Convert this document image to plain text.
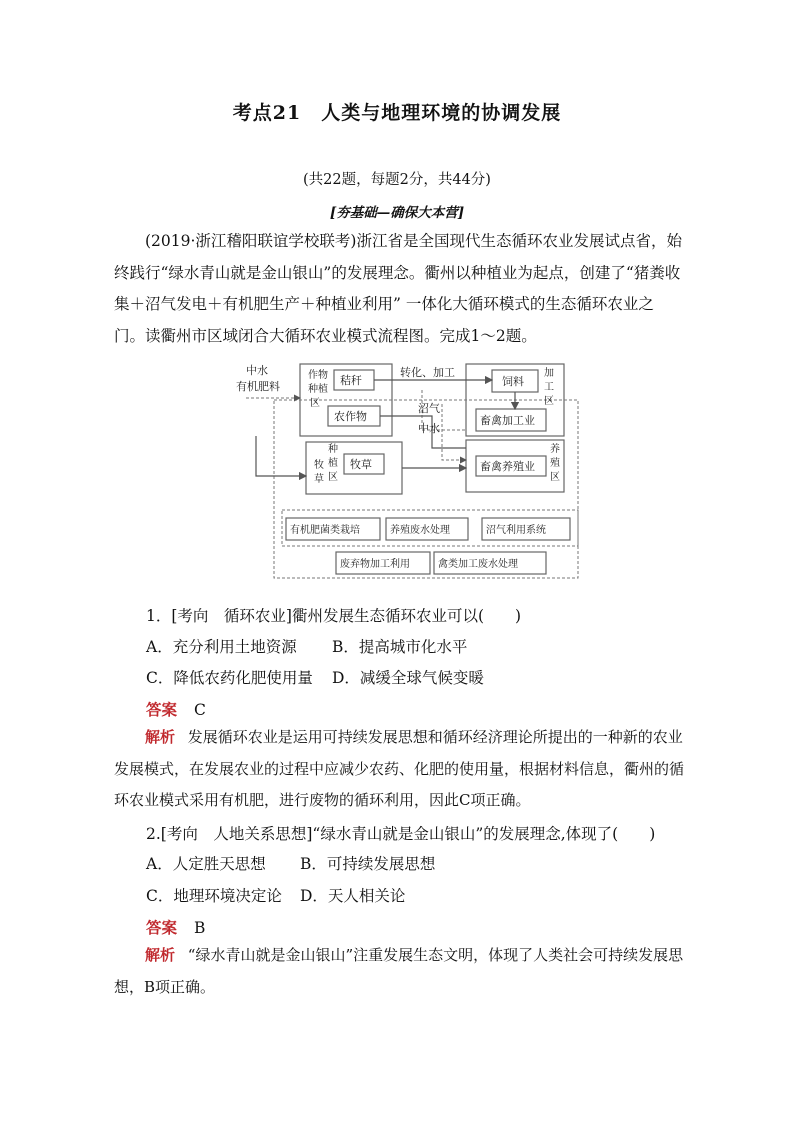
考点21　人类与地理环境的协调发展
(共22题，每题2分，共44分)
[夯基础—确保大本营]
(2019·浙江稽阳联谊学校联考)浙江省是全国现代生态循环农业发展试点省，始终践行“绿水青山就是金山银山”的发展理念。衢州以种植业为起点，创建了“猪粪收集＋沼气发电＋有机肥生产＋种植业利用” 一体化大循环模式的生态循环农业之门。读衢州市区域闭合大循环农业模式流程图。完成1～2题。
中水
有机肥料
作物
种植
区
秸秆
农作物
转化、加工
沼气
中水
饲料
加
工
区
畜禽加工业
牧
草
种
植
区
牧草	畜禽养殖业
养
殖
区
有机肥菌类栽培	养殖废水处理	沼气利用系统
废弃物加工利用	禽类加工废水处理
1．[考向　循环农业]衢州发展生态循环农业可以(　　)
A．充分利用土地资源 B．提高城市化水平
C．降低农药化肥使用量 D．减缓全球气候变暖
答案 C
解析 发展循环农业是运用可持续发展思想和循环经济理论所提出的一种新的农业发展模式，在发展农业的过程中应减少农药、化肥的使用量，根据材料信息，衢州的循环农业模式采用有机肥，进行废物的循环利用，因此C项正确。
2.[考向　人地关系思想]“绿水青山就是金山银山”的发展理念,体现了(　　)
A．人定胜天思想 B．可持续发展思想
C．地理环境决定论 D．天人相关论
答案 B
解析 “绿水青山就是金山银山”注重发展生态文明，体现了人类社会可持续发展思想，B项正确。
